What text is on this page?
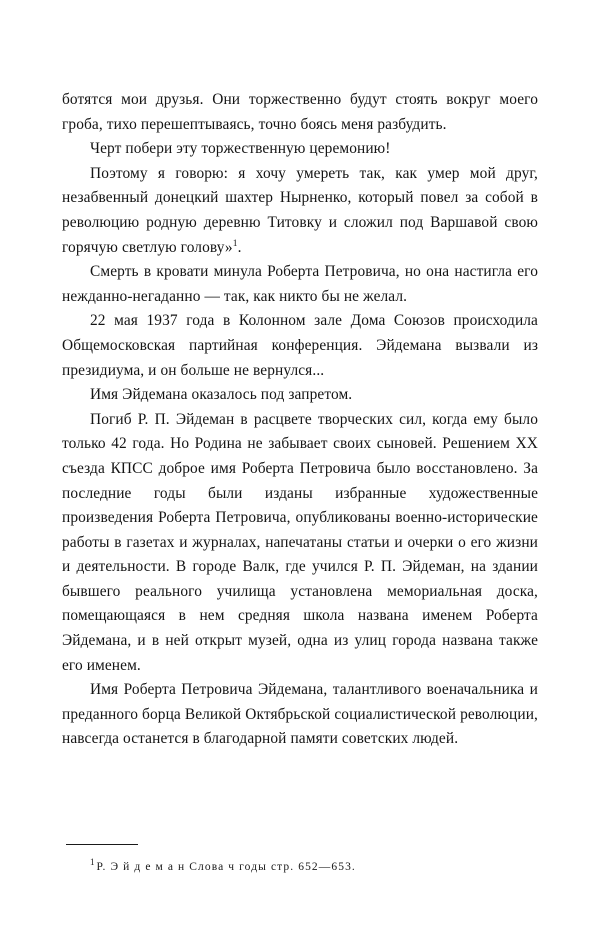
ботятся мои друзья. Они торжественно будут стоять вокруг моего гроба, тихо перешептываясь, точно боясь меня разбудить.

Черт побери эту торжественную церемонию!

Поэтому я говорю: я хочу умереть так, как умер мой друг, незабвенный донецкий шахтер Нырненко, который повел за собой в революцию родную деревню Титовку и сложил под Варшавой свою горячую светлую голову»$^1$.

Смерть в кровати минула Роберта Петровича, но она настигла его нежданно-негаданно — так, как никто бы не желал.

22 мая 1937 года в Колонном зале Дома Союзов происходила Общемосковская партийная конференция. Эйдемана вызвали из президиума, и он больше не вернулся...

Имя Эйдемана оказалось под запретом.

Погиб Р. П. Эйдеман в расцвете творческих сил, когда ему было только 42 года. Но Родина не забывает своих сыновей. Решением XX съезда КПСС доброе имя Роберта Петровича было восстановлено. За последние годы были изданы избранные художественные произведения Роберта Петровича, опубликованы военно-исторические работы в газетах и журналах, напечатаны статьи и очерки о его жизни и деятельности. В городе Валк, где учился Р. П. Эйдеман, на здании бывшего реального училища установлена мемориальная доска, помещающаяся в нем средняя школа названа именем Роберта Эйдемана, и в ней открыт музей, одна из улиц города названа также его именем.

Имя Роберта Петровича Эйдемана, талантливого военачальника и преданного борца Великой Октябрьской социалистической революции, навсегда останется в благодарной памяти советских людей.

$^1$ Р. Э й д е м а н Слова ч годы стр. 652—653.
